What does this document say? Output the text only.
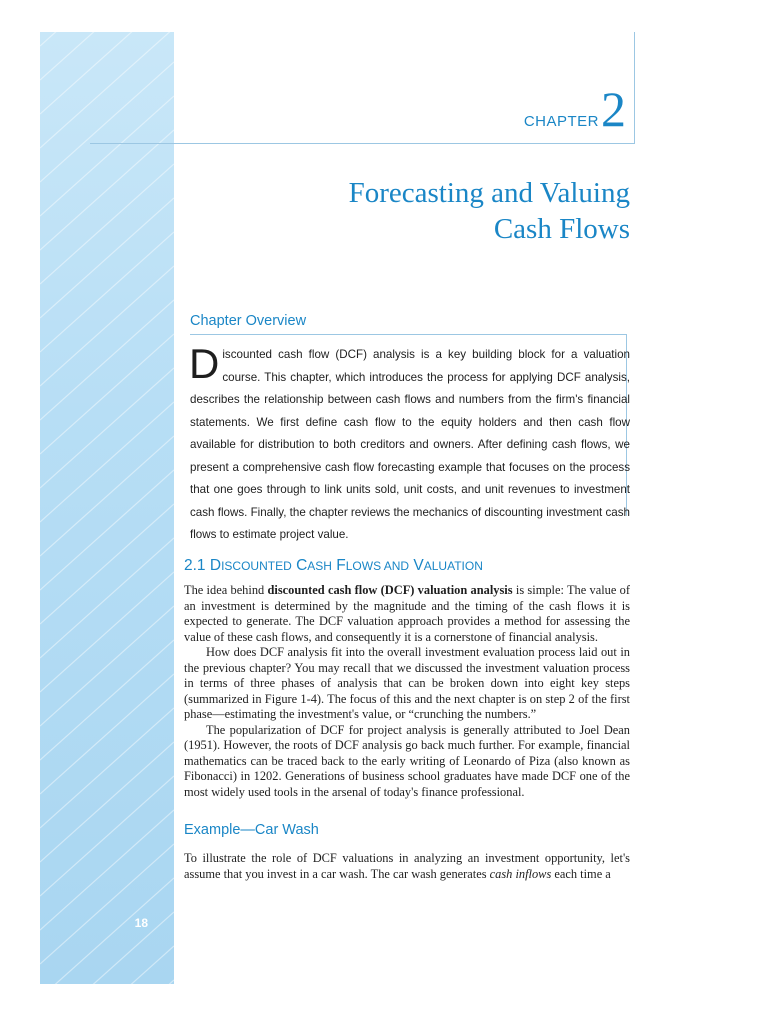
18
CHAPTER2
Forecasting and Valuing
Cash Flows
Chapter Overview
Discounted cash flow (DCF) analysis is a key building block for a valuation course. This chapter, which introduces the process for applying DCF analysis, describes the relationship between cash flows and numbers from the firm's financial statements. We first define cash flow to the equity holders and then cash flow available for distribution to both creditors and owners. After defining cash flows, we present a comprehensive cash flow forecasting example that focuses on the process that one goes through to link units sold, unit costs, and unit revenues to investment cash flows. Finally, the chapter reviews the mechanics of discounting investment cash flows to estimate project value.
2.1 DISCOUNTED CASH FLOWS AND VALUATION

The idea behind discounted cash flow (DCF) valuation analysis is simple: The value of an investment is determined by the magnitude and the timing of the cash flows it is expected to generate. The DCF valuation approach provides a method for assessing the value of these cash flows, and consequently it is a cornerstone of financial analysis.

How does DCF analysis fit into the overall investment evaluation process laid out in the previous chapter? You may recall that we discussed the investment valuation process in terms of three phases of analysis that can be broken down into eight key steps (summarized in Figure 1-4). The focus of this and the next chapter is on step 2 of the first phase—estimating the investment's value, or “crunching the numbers.”

The popularization of DCF for project analysis is generally attributed to Joel Dean (1951). However, the roots of DCF analysis go back much further. For example, financial mathematics can be traced back to the early writing of Leonardo of Piza (also known as Fibonacci) in 1202. Generations of business school graduates have made DCF one of the most widely used tools in the arsenal of today's finance professional.

Example—Car Wash

To illustrate the role of DCF valuations in analyzing an investment opportunity, let's assume that you invest in a car wash. The car wash generates cash inflows each time a
